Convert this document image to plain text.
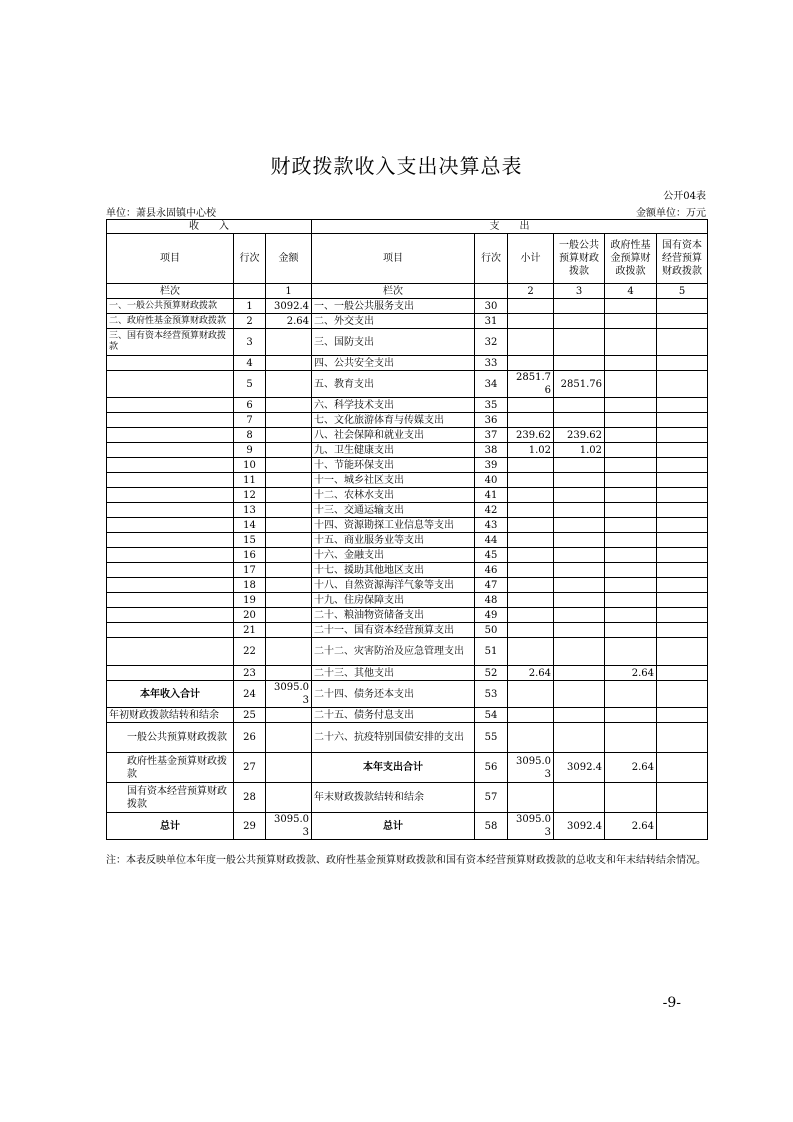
财政拨款收入支出决算总表
公开04表
单位：萧县永固镇中心校	金额单位：万元
收　　入			支　　出					
项目	行次	金额	项目	行次	小计	一般公共预算财政拨款	政府性基金预算财政拨款	国有资本经营预算财政拨款
栏次		1	栏次		2	3	4	5
一、一般公共预算财政拨款	1	3092.4	一、一般公共服务支出	30				
二、政府性基金预算财政拨款	2	2.64	二、外交支出	31				
三、国有资本经营预算财政拨款	3		三、国防支出	32				
	4		四、公共安全支出	33				
	5		五、教育支出	34	2851.76	2851.76		
	6		六、科学技术支出	35				
	7		七、文化旅游体育与传媒支出	36				
	8		八、社会保障和就业支出	37	239.62	239.62		
	9		九、卫生健康支出	38	1.02	1.02		
	10		十、节能环保支出	39				
	11		十一、城乡社区支出	40				
	12		十二、农林水支出	41				
	13		十三、交通运输支出	42				
	14		十四、资源勘探工业信息等支出	43				
	15		十五、商业服务业等支出	44				
	16		十六、金融支出	45				
	17		十七、援助其他地区支出	46				
	18		十八、自然资源海洋气象等支出	47				
	19		十九、住房保障支出	48				
	20		二十、粮油物资储备支出	49				
	21		二十一、国有资本经营预算支出	50				
	22		二十二、灾害防治及应急管理支出	51				
	23		二十三、其他支出	52	2.64		2.64	
本年收入合计	24	3095.03	二十四、债务还本支出	53				
年初财政拨款结转和结余	25		二十五、债务付息支出	54				
一般公共预算财政拨款	26		二十六、抗疫特别国债安排的支出	55				
政府性基金预算财政拨款	27		本年支出合计	56	3095.03	3092.4	2.64	
国有资本经营预算财政拨款	28		年末财政拨款结转和结余	57				
总计	29	3095.03	总计	58	3095.03	3092.4	2.64	
注：本表反映单位本年度一般公共预算财政拨款、政府性基金预算财政拨款和国有资本经营预算财政拨款的总收支和年末结转结余情况。
-9-
